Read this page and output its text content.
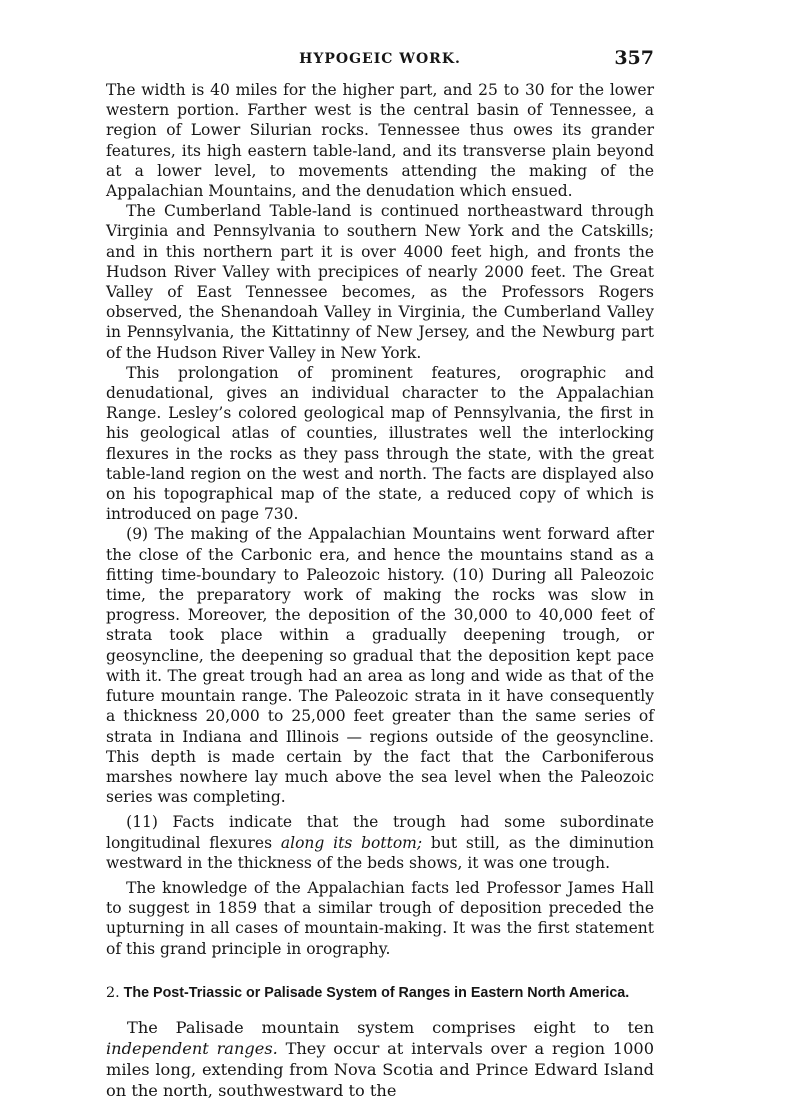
HYPOGEIC WORK.	357

The width is 40 miles for the higher part, and 25 to 30 for the lower western portion. Farther west is the central basin of Tennessee, a region of Lower Silurian rocks. Tennessee thus owes its grander features, its high eastern table-land, and its transverse plain beyond at a lower level, to movements attending the making of the Appalachian Mountains, and the denudation which ensued.

The Cumberland Table-land is continued northeastward through Virginia and Pennsylvania to southern New York and the Catskills; and in this northern part it is over 4000 feet high, and fronts the Hudson River Valley with precipices of nearly 2000 feet. The Great Valley of East Tennessee becomes, as the Professors Rogers observed, the Shenandoah Valley in Virginia, the Cumberland Valley in Pennsylvania, the Kittatinny of New Jersey, and the Newburg part of the Hudson River Valley in New York.

This prolongation of prominent features, orographic and denudational, gives an individual character to the Appalachian Range. Lesley’s colored geological map of Pennsylvania, the first in his geological atlas of counties, illustrates well the interlocking flexures in the rocks as they pass through the state, with the great table-land region on the west and north. The facts are displayed also on his topographical map of the state, a reduced copy of which is introduced on page 730.

(9) The making of the Appalachian Mountains went forward after the close of the Carbonic era, and hence the mountains stand as a fitting time-boundary to Paleozoic history. (10) During all Paleozoic time, the preparatory work of making the rocks was slow in progress. Moreover, the deposition of the 30,000 to 40,000 feet of strata took place within a gradually deepening trough, or geosyncline, the deepening so gradual that the deposition kept pace with it. The great trough had an area as long and wide as that of the future mountain range. The Paleozoic strata in it have consequently a thickness 20,000 to 25,000 feet greater than the same series of strata in Indiana and Illinois — regions outside of the geosyncline. This depth is made certain by the fact that the Carboniferous marshes nowhere lay much above the sea level when the Paleozoic series was completing.

(11) Facts indicate that the trough had some subordinate longitudinal flexures along its bottom; but still, as the diminution westward in the thickness of the beds shows, it was one trough.

The knowledge of the Appalachian facts led Professor James Hall to suggest in 1859 that a similar trough of deposition preceded the upturning in all cases of mountain-making. It was the first statement of this grand principle in orography.

2. The Post-Triassic or Palisade System of Ranges in Eastern North America.

The Palisade mountain system comprises eight to ten independent ranges. They occur at intervals over a region 1000 miles long, extending from Nova Scotia and Prince Edward Island on the north, southwestward to the
